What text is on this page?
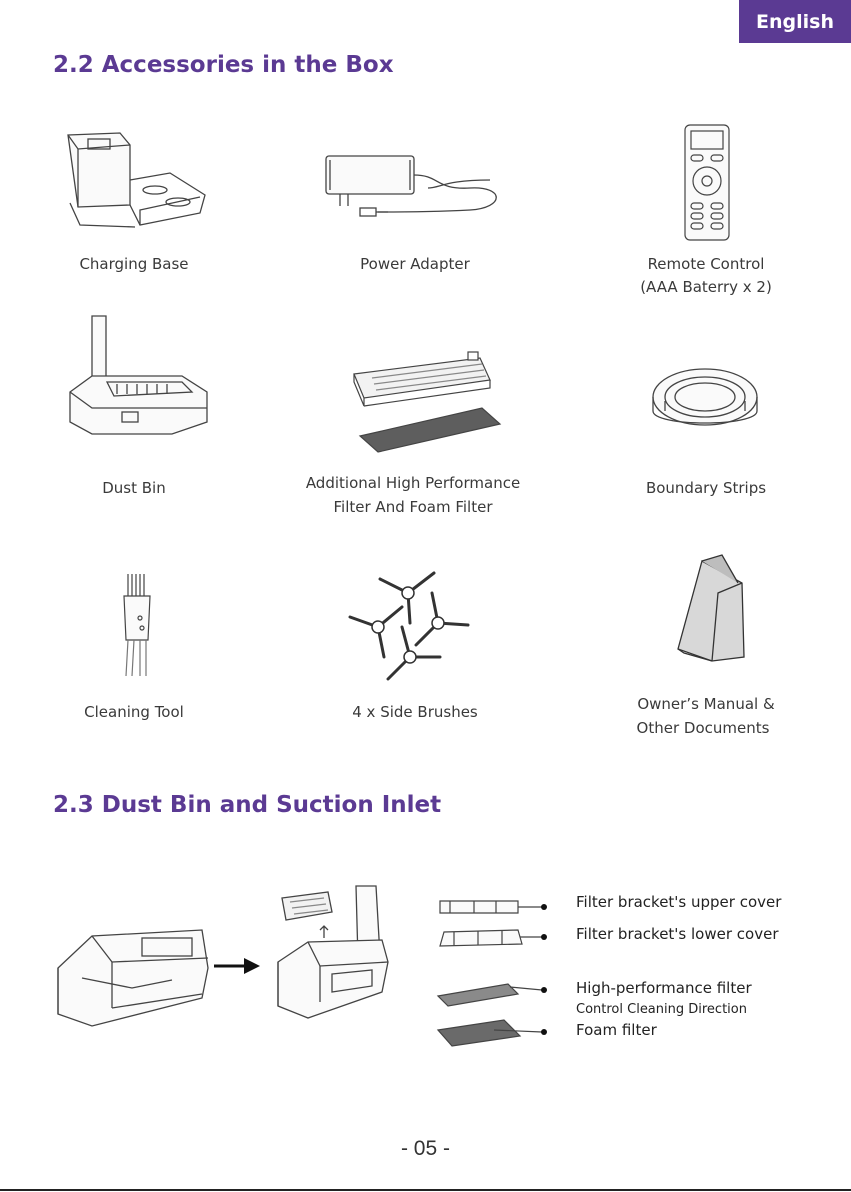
English
2.2 Accessories in the Box
Charging Base	Power Adapter	Remote Control
(AAA Baterry x 2)
Dust Bin	Additional High Performance
Filter And Foam Filter
Boundary Strips
Cleaning Tool	4 x Side Brushes	Owner’s Manual &
Other Documents
2.3 Dust Bin and Suction Inlet
Filter bracket's upper cover
Filter bracket's lower cover
High-performance filter
Control Cleaning Direction
Foam filter
- 05 -
